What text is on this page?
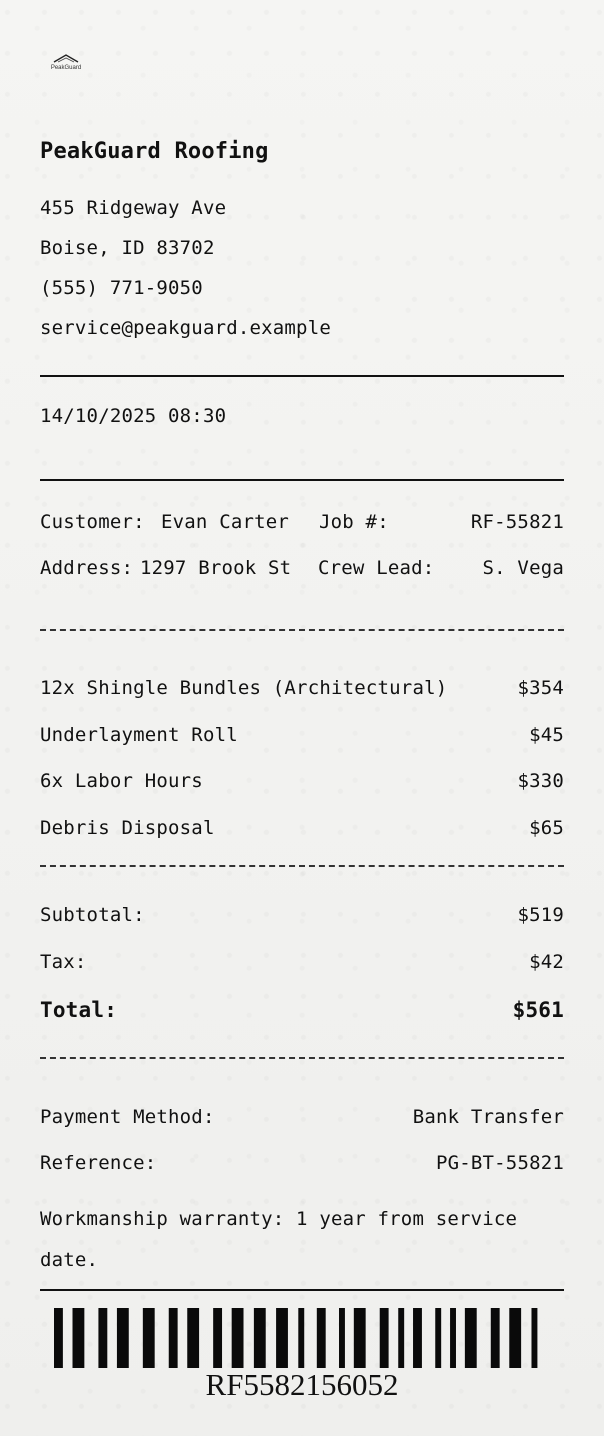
PeakGuard
PeakGuard Roofing
455 Ridgeway Ave
Boise, ID 83702
(555) 771-9050
service@peakguard.example
14/10/2025 08:30
Customer: Evan Carter Job #:	RF-55821
Address: 1297 Brook St Crew Lead:	S. Vega
12x Shingle Bundles (Architectural)	$354
Underlayment Roll	$45
6x Labor Hours	$330
Debris Disposal	$65
Subtotal:	$519
Tax:	$42
Total:	$561
Payment Method:	Bank Transfer
Reference:	PG-BT-55821
Workmanship warranty: 1 year from service
date.
RF5582156052
